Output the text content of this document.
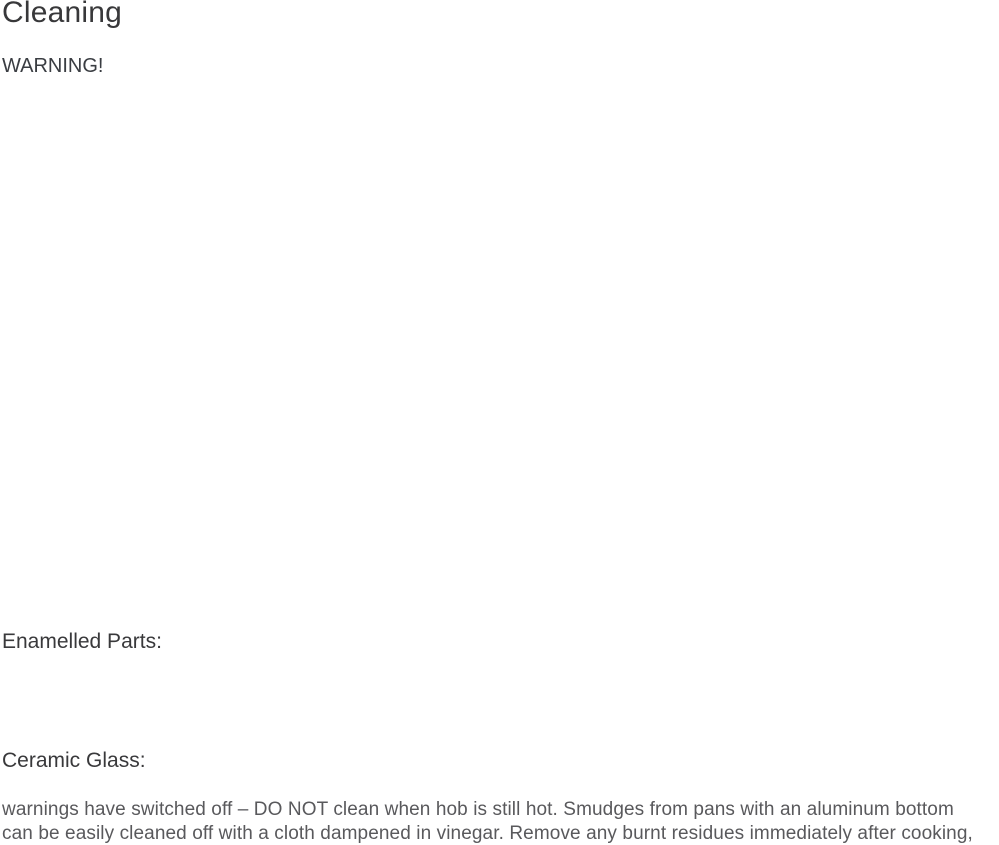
Cleaning
WARNING!
Enamelled Parts:
Ceramic Glass:
warnings have switched off – DO NOT clean when hob is still hot. Smudges from pans with an aluminum bottom
can be easily cleaned off with a cloth dampened in vinegar. Remove any burnt residues immediately after cooking,
